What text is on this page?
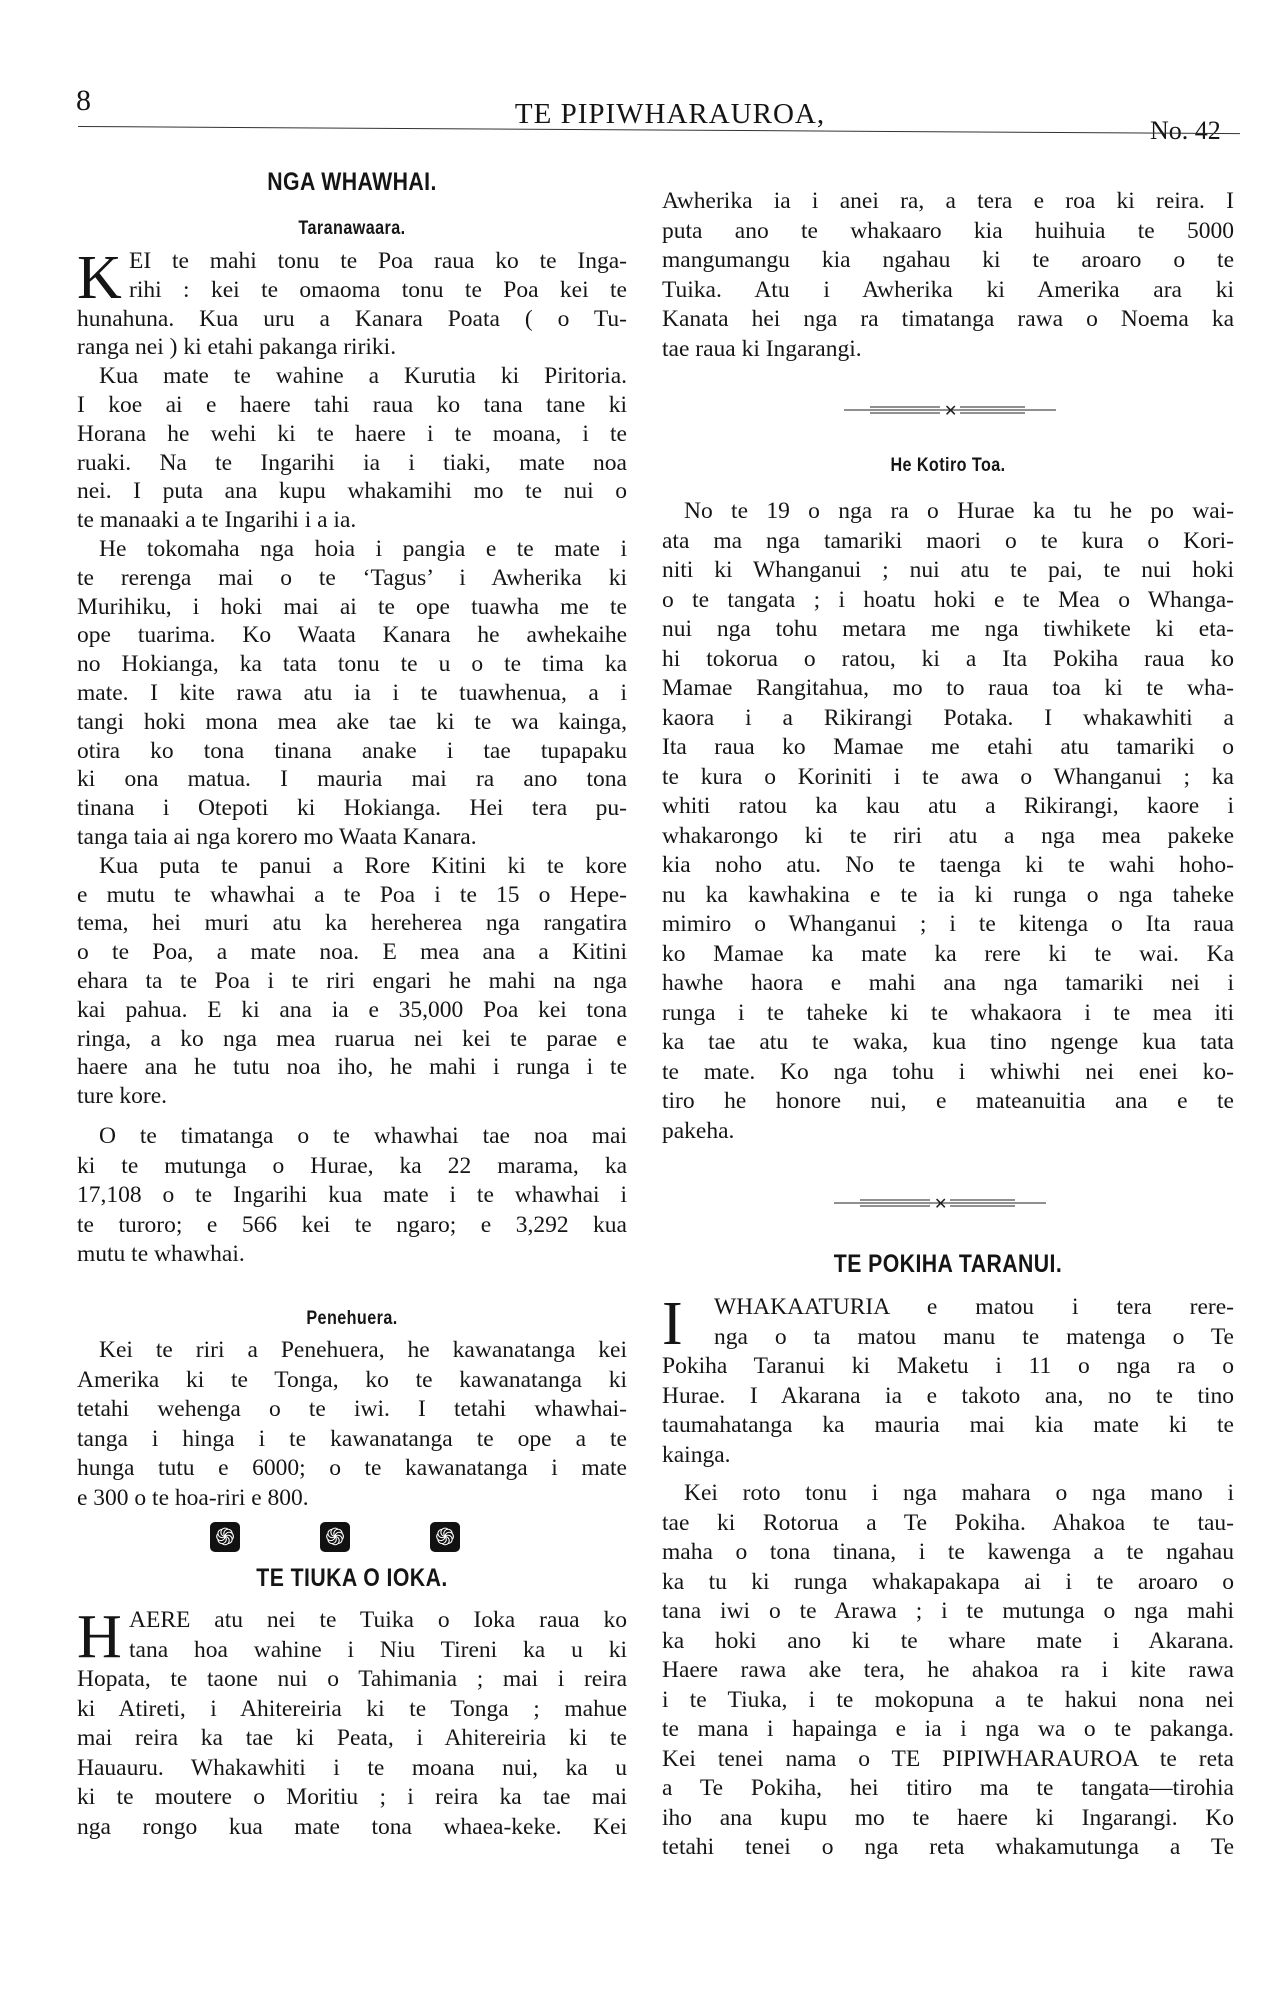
8	TE PIPIWHARAUROA,
No. 42
NGA WHAWHAI.
Taranawaara.
K EI te mahi tonu te Poa raua ko te Inga-
rihi : kei te omaoma tonu te Poa kei te
hunahuna. Kua uru a Kanara Poata ( o Tu-
ranga nei ) ki etahi pakanga ririki.
Kua mate te wahine a Kurutia ki Piritoria.
I koe ai e haere tahi raua ko tana tane ki
Horana he wehi ki te haere i te moana, i te
ruaki. Na te Ingarihi ia i tiaki, mate noa
nei. I puta ana kupu whakamihi mo te nui o
te manaaki a te Ingarihi i a ia.
He tokomaha nga hoia i pangia e te mate i
te rerenga mai o te ‘Tagus’ i Awherika ki
Murihiku, i hoki mai ai te ope tuawha me te
ope tuarima. Ko Waata Kanara he awhekaihe
no Hokianga, ka tata tonu te u o te tima ka
mate. I kite rawa atu ia i te tuawhenua, a i
tangi hoki mona mea ake tae ki te wa kainga,
otira ko tona tinana anake i tae tupapaku
ki ona matua. I mauria mai ra ano tona
tinana i Otepoti ki Hokianga. Hei tera pu-
tanga taia ai nga korero mo Waata Kanara.
Kua puta te panui a Rore Kitini ki te kore
e mutu te whawhai a te Poa i te 15 o Hepe-
tema, hei muri atu ka hereherea nga rangatira
o te Poa, a mate noa. E mea ana a Kitini
ehara ta te Poa i te riri engari he mahi na nga
kai pahua. E ki ana ia e 35,000 Poa kei tona
ringa, a ko nga mea ruarua nei kei te parae e
haere ana he tutu noa iho, he mahi i runga i te
ture kore.
O te timatanga o te whawhai tae noa mai
ki te mutunga o Hurae, ka 22 marama, ka
17,108 o te Ingarihi kua mate i te whawhai i
te turoro; e 566 kei te ngaro; e 3,292 kua
mutu te whawhai.
Penehuera.
Kei te riri a Penehuera, he kawanatanga kei
Amerika ki te Tonga, ko te kawanatanga ki
tetahi wehenga o te iwi. I tetahi whawhai-
tanga i hinga i te kawanatanga te ope a te
hunga tutu e 6000; o te kawanatanga i mate
e 300 o te hoa-riri e 800.
֍	֍	֍
TE TIUKA O IOKA.
H AERE atu nei te Tuika o Ioka raua ko
tana hoa wahine i Niu Tireni ka u ki
Hopata, te taone nui o Tahimania ; mai i reira
ki Atireti, i Ahitereiria ki te Tonga ; mahue
mai reira ka tae ki Peata, i Ahitereiria ki te
Hauauru. Whakawhiti i te moana nui, ka u
ki te moutere o Moritiu ; i reira ka tae mai
nga rongo kua mate tona whaea-keke. Kei
Awherika ia i anei ra, a tera e roa ki reira. I
puta ano te whakaaro kia huihuia te 5000
mangumangu kia ngahau ki te aroaro o te
Tuika. Atu i Awherika ki Amerika ara ki
Kanata hei nga ra timatanga rawa o Noema ka
tae raua ki Ingarangi.
✕
He Kotiro Toa.
No te 19 o nga ra o Hurae ka tu he po wai-
ata ma nga tamariki maori o te kura o Kori-
niti ki Whanganui ; nui atu te pai, te nui hoki
o te tangata ; i hoatu hoki e te Mea o Whanga-
nui nga tohu metara me nga tiwhikete ki eta-
hi tokorua o ratou, ki a Ita Pokiha raua ko
Mamae Rangitahua, mo to raua toa ki te wha-
kaora i a Rikirangi Potaka. I whakawhiti a
Ita raua ko Mamae me etahi atu tamariki o
te kura o Koriniti i te awa o Whanganui ; ka
whiti ratou ka kau atu a Rikirangi, kaore i
whakarongo ki te riri atu a nga mea pakeke
kia noho atu. No te taenga ki te wahi hoho-
nu ka kawhakina e te ia ki runga o nga taheke
mimiro o Whanganui ; i te kitenga o Ita raua
ko Mamae ka mate ka rere ki te wai. Ka
hawhe haora e mahi ana nga tamariki nei i
runga i te taheke ki te whakaora i te mea iti
ka tae atu te waka, kua tino ngenge kua tata
te mate. Ko nga tohu i whiwhi nei enei ko-
tiro he honore nui, e mateanuitia ana e te
pakeha.
✕
TE POKIHA TARANUI.
I	WHAKAATURIA e matou i tera rere-
nga o ta matou manu te matenga o Te
Pokiha Taranui ki Maketu i 11 o nga ra o
Hurae. I Akarana ia e takoto ana, no te tino
taumahatanga ka mauria mai kia mate ki te
kainga.
Kei roto tonu i nga mahara o nga mano i
tae ki Rotorua a Te Pokiha. Ahakoa te tau-
maha o tona tinana, i te kawenga a te ngahau
ka tu ki runga whakapakapa ai i te aroaro o
tana iwi o te Arawa ; i te mutunga o nga mahi
ka hoki ano ki te whare mate i Akarana.
Haere rawa ake tera, he ahakoa ra i kite rawa
i te Tiuka, i te mokopuna a te hakui nona nei
te mana i hapainga e ia i nga wa o te pakanga.
Kei tenei nama o TE PIPIWHARAUROA te reta
a Te Pokiha, hei titiro ma te tangata—tirohia
iho ana kupu mo te haere ki Ingarangi. Ko
tetahi tenei o nga reta whakamutunga a Te
